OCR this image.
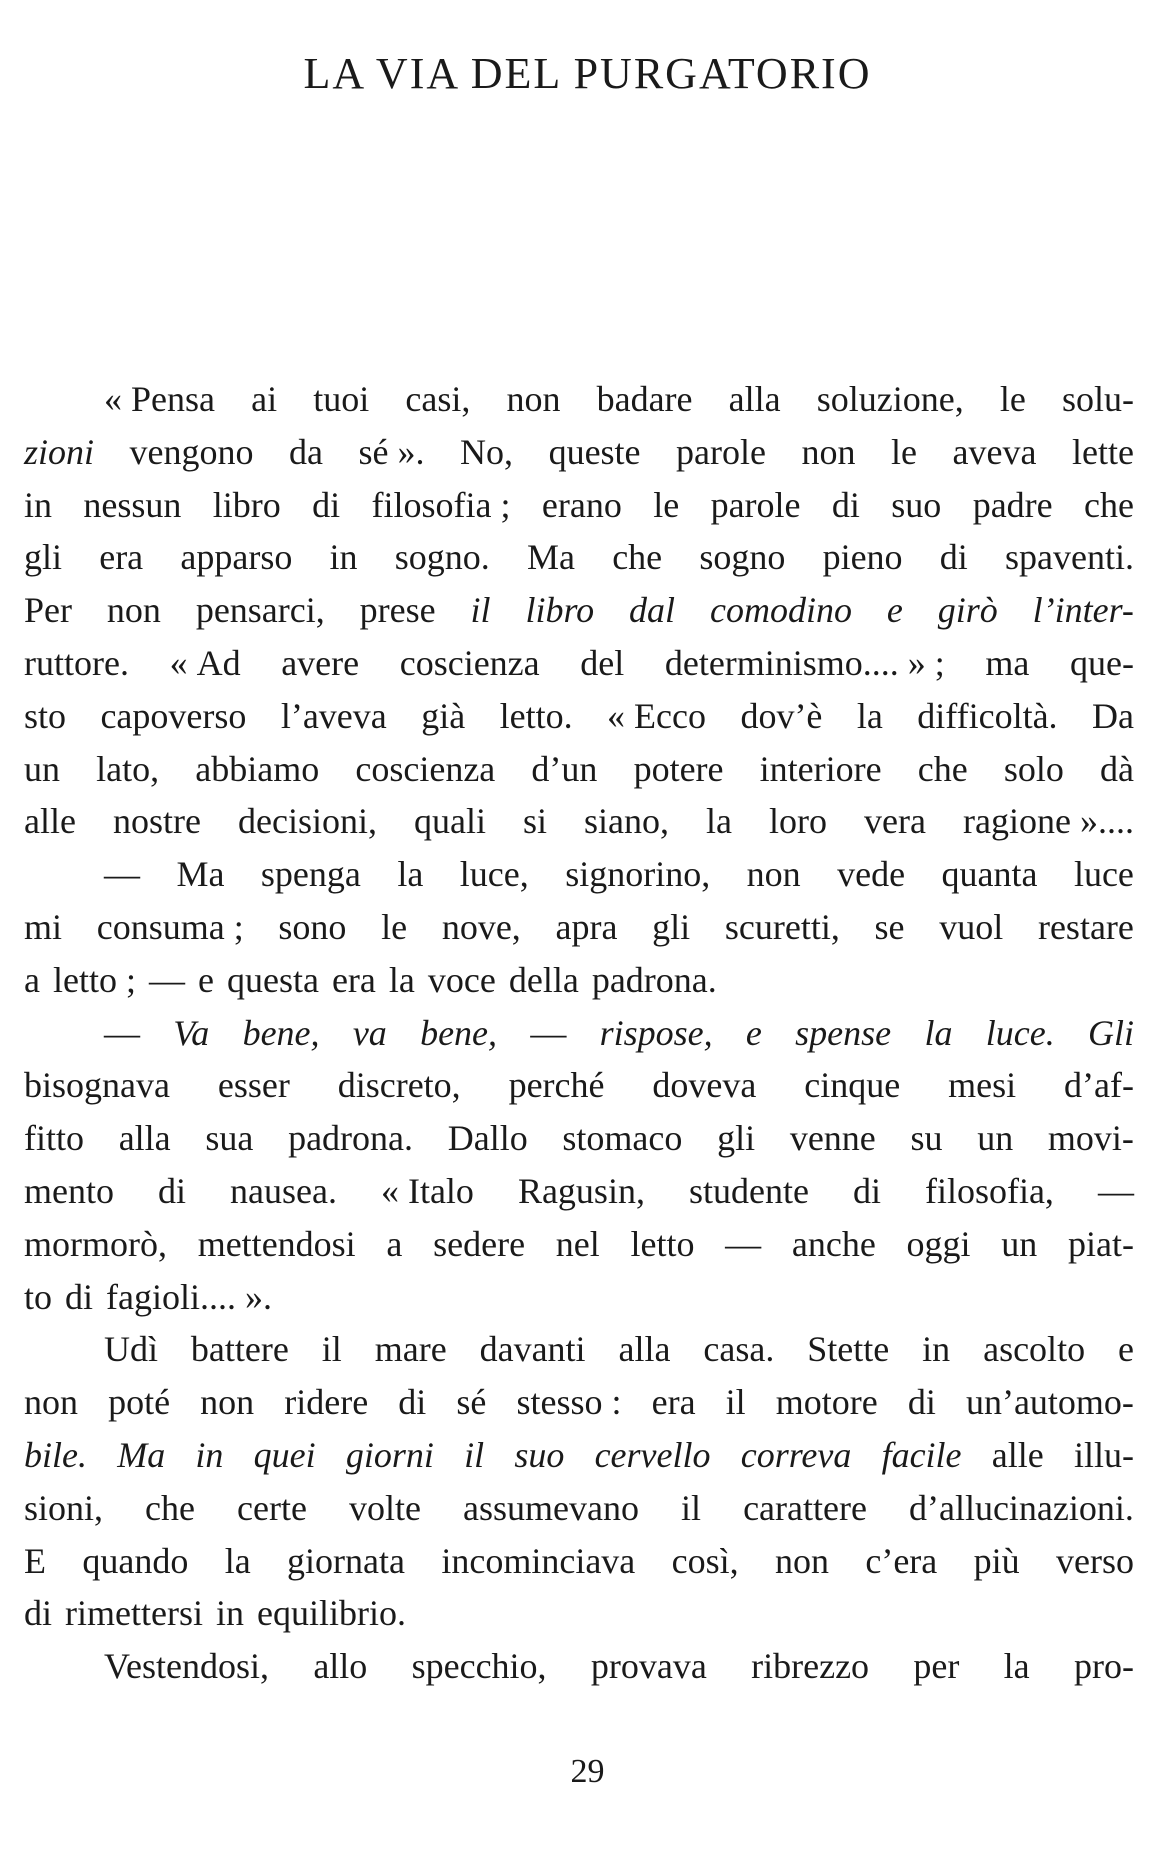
LA VIA DEL PURGATORIO
« Pensa ai tuoi casi, non badare alla soluzione, le solu-
zioni vengono da sé ». No, queste parole non le aveva lette
in nessun libro di filosofia ; erano le parole di suo padre che
gli era apparso in sogno. Ma che sogno pieno di spaventi.
Per non pensarci, prese il libro dal comodino e girò l’inter-
ruttore. « Ad avere coscienza del determinismo.... » ; ma que-
sto capoverso l’aveva già letto. « Ecco dov’è la difficoltà. Da
un lato, abbiamo coscienza d’un potere interiore che solo dà
alle nostre decisioni, quali si siano, la loro vera ragione »....
— Ma spenga la luce, signorino, non vede quanta luce
mi consuma ; sono le nove, apra gli scuretti, se vuol restare
a letto ; — e questa era la voce della padrona.
— Va bene, va bene, — rispose, e spense la luce. Gli
bisognava esser discreto, perché doveva cinque mesi d’af-
fitto alla sua padrona. Dallo stomaco gli venne su un movi-
mento di nausea. « Italo Ragusin, studente di filosofia, —
mormorò, mettendosi a sedere nel letto — anche oggi un piat-
to di fagioli.... ».
Udì battere il mare davanti alla casa. Stette in ascolto e
non poté non ridere di sé stesso : era il motore di un’automo-
bile. Ma in quei giorni il suo cervello correva facile alle illu-
sioni, che certe volte assumevano il carattere d’allucinazioni.
E quando la giornata incominciava così, non c’era più verso
di rimettersi in equilibrio.
Vestendosi, allo specchio, provava ribrezzo per la pro-
29
